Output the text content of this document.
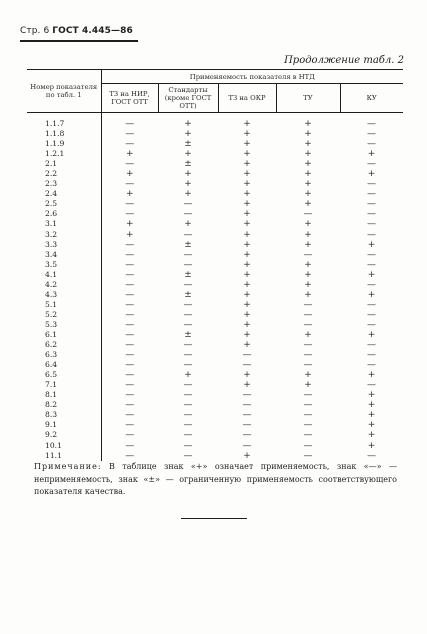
Стр. 6 ГОСТ 4.445—86
Продолжение табл. 2
Номер показателя по табл. 1	Применяемость показателя в НТД				
	ТЗ на НИР, ГОСТ ОТТ	Стандарты (кроме ГОСТ ОТТ)	ТЗ на ОКР	ТУ	КУ
1.1.7	—	+	+	+	—
1.1.8	—	+	+	+	—
1.1.9	—	±	+	+	—
1.2.1	+	+	+	+	+
2.1	—	±	+	+	—
2.2	+	+	+	+	+
2.3	—	+	+	+	—
2.4	+	+	+	+	—
2.5	—	—	+	+	—
2.6	—	—	+	—	—
3.1	+	+	+	+	—
3.2	+	—	+	+	—
3.3	—	±	+	+	+
3.4	—	—	+	—	—
3.5	—	—	+	+	—
4.1	—	±	+	+	+
4.2	—	—	+	+	—
4.3	—	±	+	+	+
5.1	—	—	+	—	—
5.2	—	—	+	—	—
5.3	—	—	+	—	—
6.1	—	±	+	+	+
6.2	—	—	+	—	—
6.3	—	—	—	—	—
6.4	—	—	—	—	—
6.5	—	+	+	+	+
7.1	—	—	+	+	—
8.1	—	—	—	—	+
8.2	—	—	—	—	+
8.3	—	—	—	—	+
9.1	—	—	—	—	+
9.2	—	—	—	—	+
10.1	—	—	—	—	+
11.1	—	—	+	—	—
Примечание: В таблице знак «+» означает применяемость, знак «—» — неприменяемость, знак «±» — ограниченную применяемость соответствующего показателя качества.
